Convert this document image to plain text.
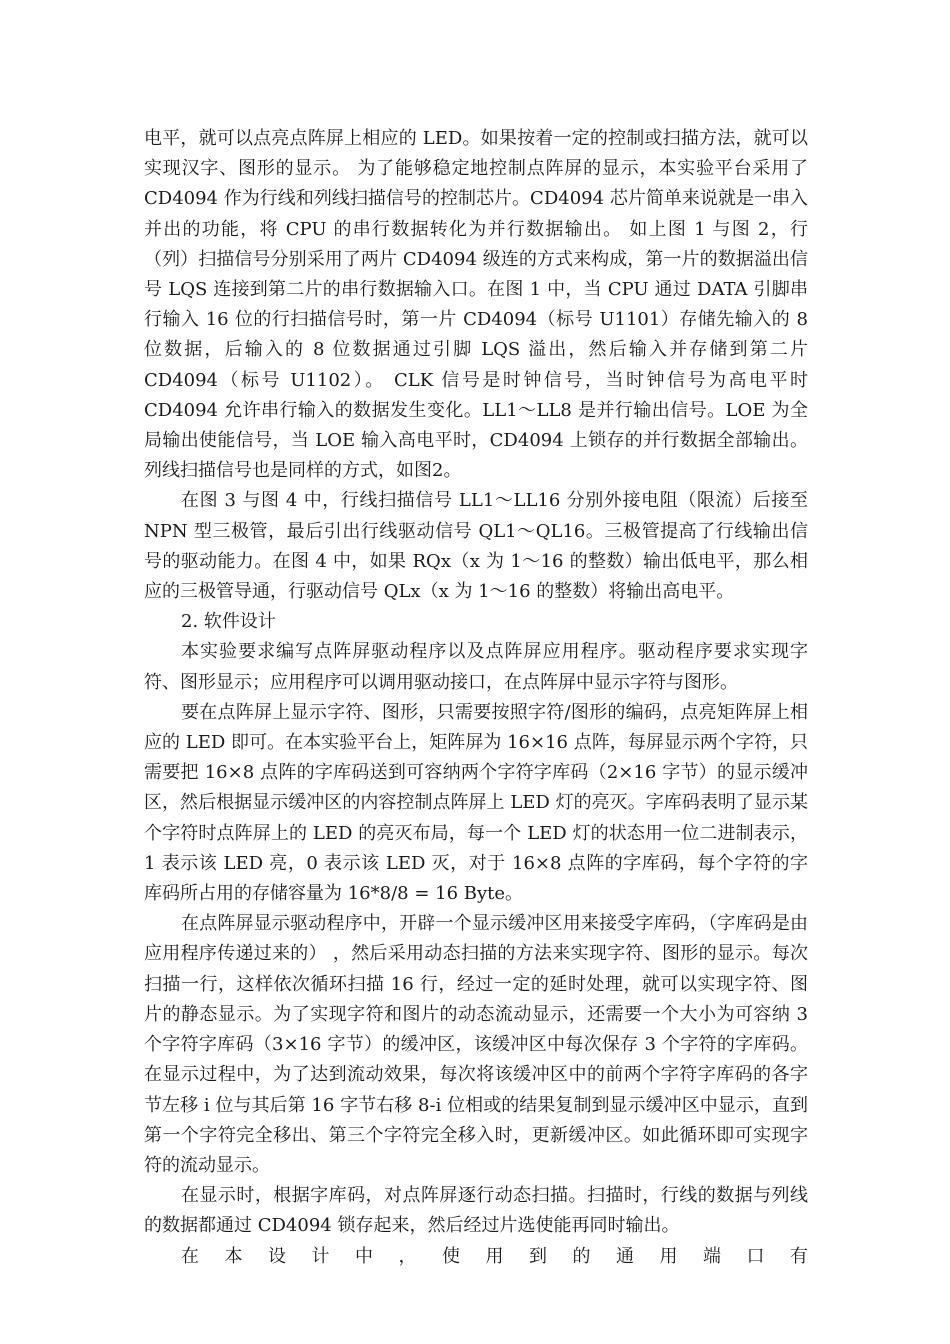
电平，就可以点亮点阵屏上相应的 LED。如果按着一定的控制或扫描方法，就可以实现汉字、图形的显示。 为了能够稳定地控制点阵屏的显示，本实验平台采用了 CD4094 作为行线和列线扫描信号的控制芯片。CD4094 芯片简单来说就是一串入并出的功能，将 CPU 的串行数据转化为并行数据输出。 如上图 1 与图 2，行（列）扫描信号分别采用了两片 CD4094 级连的方式来构成，第一片的数据溢出信号 LQS 连接到第二片的串行数据输入口。在图 1 中，当 CPU 通过 DATA 引脚串行输入 16 位的行扫描信号时，第一片 CD4094（标号 U1101）存储先输入的 8 位数据，后输入的 8 位数据通过引脚 LQS 溢出，然后输入并存储到第二片 CD4094（标号 U1102）。 CLK 信号是时钟信号，当时钟信号为高电平时 CD4094 允许串行输入的数据发生变化。LL1～LL8 是并行输出信号。LOE 为全局输出使能信号，当 LOE 输入高电平时，CD4094 上锁存的并行数据全部输出。列线扫描信号也是同样的方式，如图2。

在图 3 与图 4 中，行线扫描信号 LL1～LL16 分别外接电阻（限流）后接至 NPN 型三极管，最后引出行线驱动信号 QL1～QL16。三极管提高了行线输出信号的驱动能力。在图 4 中，如果 RQx（x 为 1～16 的整数）输出低电平，那么相应的三极管导通，行驱动信号 QLx（x 为 1～16 的整数）将输出高电平。

2. 软件设计

本实验要求编写点阵屏驱动程序以及点阵屏应用程序。驱动程序要求实现字符、图形显示；应用程序可以调用驱动接口，在点阵屏中显示字符与图形。

要在点阵屏上显示字符、图形，只需要按照字符/图形的编码，点亮矩阵屏上相应的 LED 即可。在本实验平台上，矩阵屏为 16×16 点阵，每屏显示两个字符，只需要把 16×8 点阵的字库码送到可容纳两个字符字库码（2×16 字节）的显示缓冲区，然后根据显示缓冲区的内容控制点阵屏上 LED 灯的亮灭。字库码表明了显示某个字符时点阵屏上的 LED 的亮灭布局，每一个 LED 灯的状态用一位二进制表示，1 表示该 LED 亮，0 表示该 LED 灭，对于 16×8 点阵的字库码，每个字符的字库码所占用的存储容量为 16*8/8 = 16 Byte。

在点阵屏显示驱动程序中，开辟一个显示缓冲区用来接受字库码，（字库码是由应用程序传递过来的） ，然后采用动态扫描的方法来实现字符、图形的显示。每次扫描一行，这样依次循环扫描 16 行，经过一定的延时处理，就可以实现字符、图片的静态显示。为了实现字符和图片的动态流动显示，还需要一个大小为可容纳 3 个字符字库码（3×16 字节）的缓冲区，该缓冲区中每次保存 3 个字符的字库码。在显示过程中，为了达到流动效果，每次将该缓冲区中的前两个字符字库码的各字节左移 i 位与其后第 16 字节右移 8-i 位相或的结果复制到显示缓冲区中显示，直到第一个字符完全移出、第三个字符完全移入时，更新缓冲区。如此循环即可实现字符的流动显示。

在显示时，根据字库码，对点阵屏逐行动态扫描。扫描时，行线的数据与列线的数据都通过 CD4094 锁存起来，然后经过片选使能再同时输出。

在本设计中，使用到的通用端口有
